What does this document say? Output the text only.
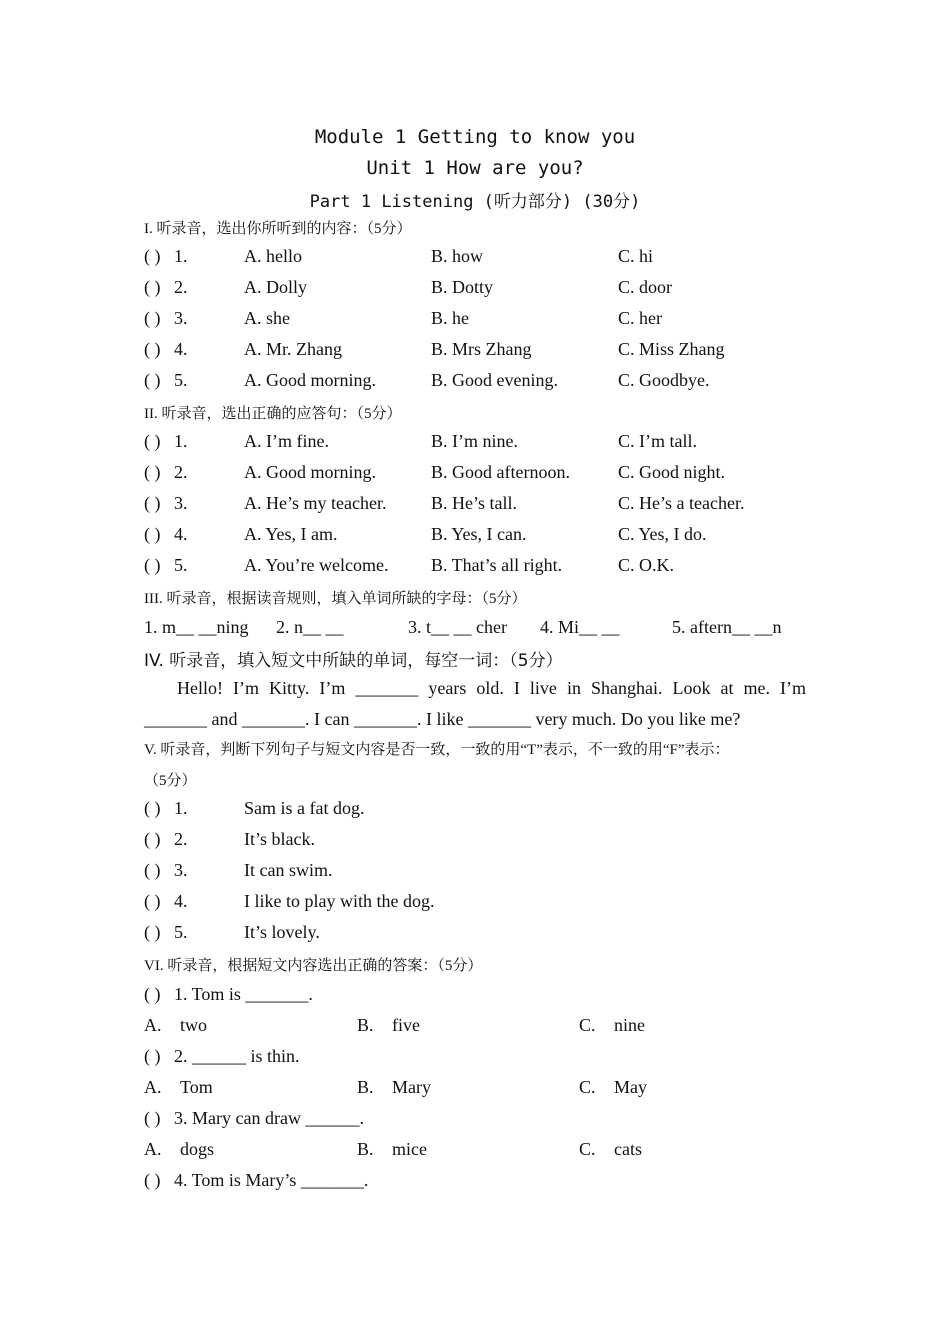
Module 1 Getting to know you
Unit 1 How are you?
Part 1 Listening (听力部分) (30分)
I. 听录音，选出你所听到的内容：（5分）
( ) 1.	A. hello	B. how	C. hi
( ) 2.	A. Dolly	B. Dotty	C. door
( ) 3.	A. she	B. he	C. her
( ) 4.	A. Mr. Zhang	B. Mrs Zhang	C. Miss Zhang
( ) 5.	A. Good morning.	B. Good evening.	C. Goodbye.
II. 听录音，选出正确的应答句：（5分）
( ) 1.	A. I’m fine.	B. I’m nine.	C. I’m tall.
( ) 2.	A. Good morning.	B. Good afternoon.	C. Good night.
( ) 3.	A. He’s my teacher. B. He’s tall.	C. He’s a teacher.
( ) 4.	A. Yes, I am.	B. Yes, I can.	C. Yes, I do.
( ) 5.	A. You’re welcome. B. That’s all right.	C. O.K.
III. 听录音，根据读音规则，填入单词所缺的字母：（5分）
1. m__ __ning 2. n__ __	3. t__ __ cher 4. Mi__ __	5. aftern__ __n
IV. 听录音，填入短文中所缺的单词，每空一词：（5分）
Hello! I’m Kitty. I’m _______ years old. I live in Shanghai. Look at me. I’m
_______ and _______. I can _______. I like _______ very much. Do you like me?
V. 听录音，判断下列句子与短文内容是否一致，一致的用“T”表示，不一致的用“F”表示：
（5分）
( ) 1.	Sam is a fat dog.
( ) 2.	It’s black.
( ) 3.	It can swim.
( ) 4.	I like to play with the dog.
( ) 5.	It’s lovely.
VI. 听录音，根据短文内容选出正确的答案：（5分）
( ) 1. Tom is _______.
A. two	B. five	C. nine
( ) 2. ______ is thin.
A. Tom	B. Mary	C. May
( ) 3. Mary can draw ______.
A. dogs	B. mice	C. cats
( ) 4. Tom is Mary’s _______.
